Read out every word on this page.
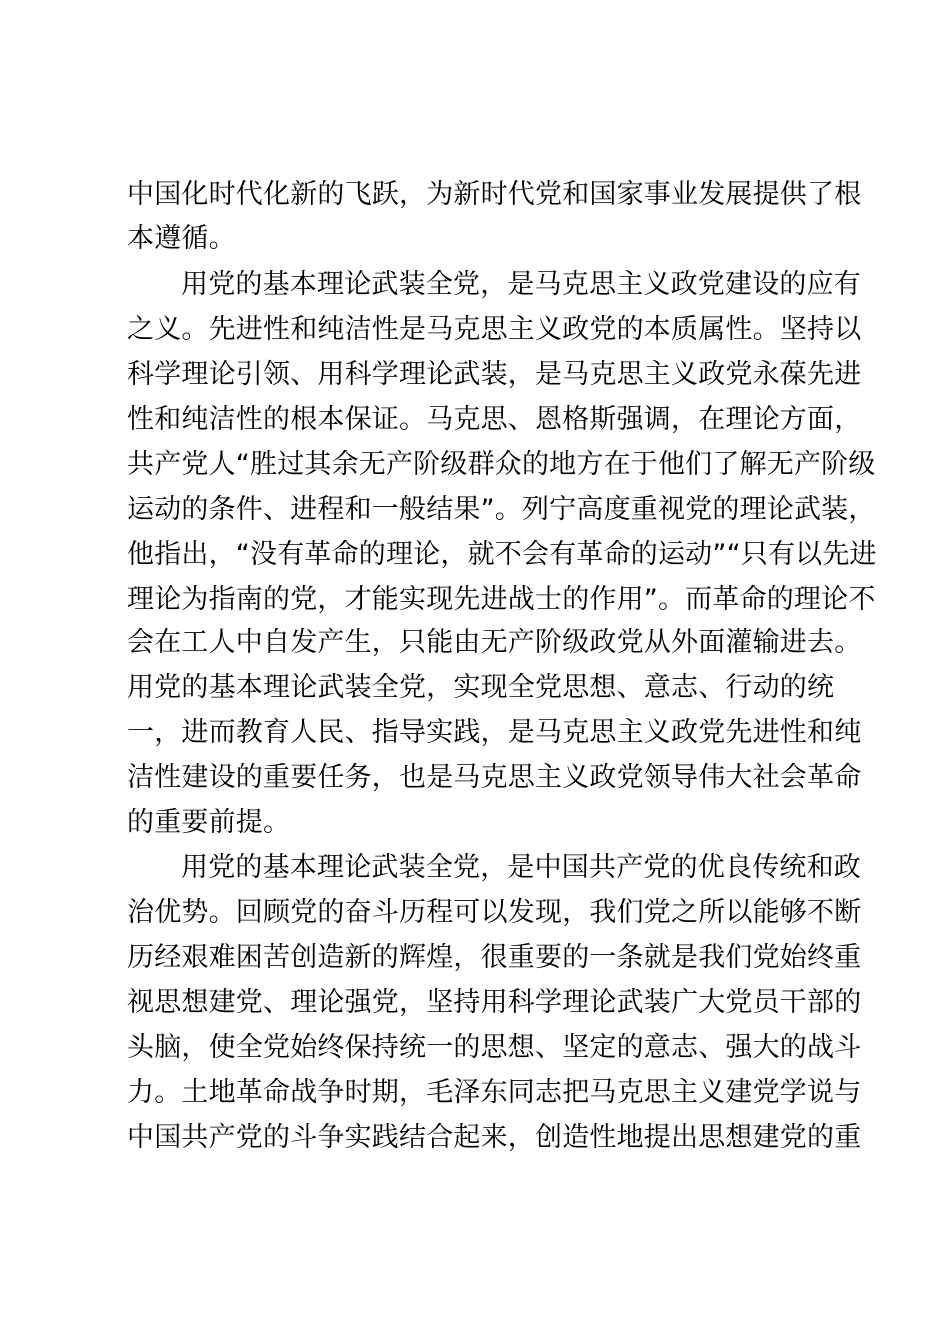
中国化时代化新的飞跃，为新时代党和国家事业发展提供了根

本遵循。

用党的基本理论武装全党，是马克思主义政党建设的应有

之义。先进性和纯洁性是马克思主义政党的本质属性。坚持以

科学理论引领、用科学理论武装，是马克思主义政党永葆先进

性和纯洁性的根本保证。马克思、恩格斯强调，在理论方面，

共产党人“胜过其余无产阶级群众的地方在于他们了解无产阶级

运动的条件、进程和一般结果”。列宁高度重视党的理论武装，

他指出，“没有革命的理论，就不会有革命的运动”“只有以先进

理论为指南的党，才能实现先进战士的作用”。而革命的理论不

会在工人中自发产生，只能由无产阶级政党从外面灌输进去。

用党的基本理论武装全党，实现全党思想、意志、行动的统

一，进而教育人民、指导实践，是马克思主义政党先进性和纯

洁性建设的重要任务，也是马克思主义政党领导伟大社会革命

的重要前提。

用党的基本理论武装全党，是中国共产党的优良传统和政

治优势。回顾党的奋斗历程可以发现，我们党之所以能够不断

历经艰难困苦创造新的辉煌，很重要的一条就是我们党始终重

视思想建党、理论强党，坚持用科学理论武装广大党员干部的

头脑，使全党始终保持统一的思想、坚定的意志、强大的战斗

力。土地革命战争时期，毛泽东同志把马克思主义建党学说与

中国共产党的斗争实践结合起来，创造性地提出思想建党的重
